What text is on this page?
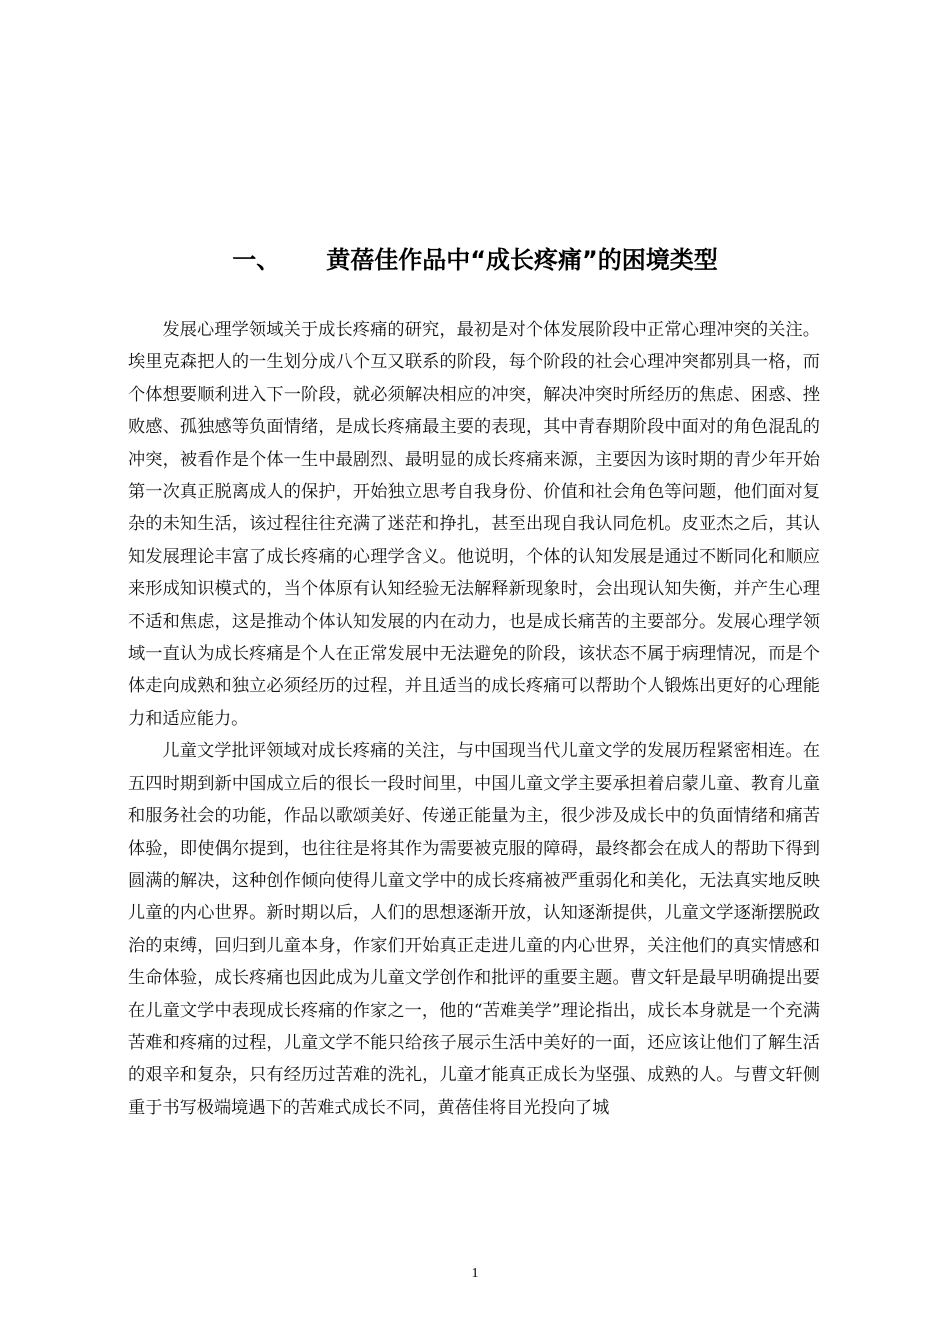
一、 黄蓓佳作品中“成长疼痛”的困境类型

发展心理学领域关于成长疼痛的研究，最初是对个体发展阶段中正常心理冲突的关注。埃里克森把人的一生划分成八个互又联系的阶段，每个阶段的社会心理冲突都别具一格，而个体想要顺利进入下一阶段，就必须解决相应的冲突，解决冲突时所经历的焦虑、困惑、挫败感、孤独感等负面情绪，是成长疼痛最主要的表现，其中青春期阶段中面对的角色混乱的冲突，被看作是个体一生中最剧烈、最明显的成长疼痛来源，主要因为该时期的青少年开始第一次真正脱离成人的保护，开始独立思考自我身份、价值和社会角色等问题，他们面对复杂的未知生活，该过程往往充满了迷茫和挣扎，甚至出现自我认同危机。皮亚杰之后，其认知发展理论丰富了成长疼痛的心理学含义。他说明，个体的认知发展是通过不断同化和顺应来形成知识模式的，当个体原有认知经验无法解释新现象时，会出现认知失衡，并产生心理不适和焦虑，这是推动个体认知发展的内在动力，也是成长痛苦的主要部分。发展心理学领域一直认为成长疼痛是个人在正常发展中无法避免的阶段，该状态不属于病理情况，而是个体走向成熟和独立必须经历的过程，并且适当的成长疼痛可以帮助个人锻炼出更好的心理能力和适应能力。

儿童文学批评领域对成长疼痛的关注，与中国现当代儿童文学的发展历程紧密相连。在五四时期到新中国成立后的很长一段时间里，中国儿童文学主要承担着启蒙儿童、教育儿童和服务社会的功能，作品以歌颂美好、传递正能量为主，很少涉及成长中的负面情绪和痛苦体验，即使偶尔提到，也往往是将其作为需要被克服的障碍，最终都会在成人的帮助下得到圆满的解决，这种创作倾向使得儿童文学中的成长疼痛被严重弱化和美化，无法真实地反映儿童的内心世界。新时期以后，人们的思想逐渐开放，认知逐渐提供，儿童文学逐渐摆脱政治的束缚，回归到儿童本身，作家们开始真正走进儿童的内心世界，关注他们的真实情感和生命体验，成长疼痛也因此成为儿童文学创作和批评的重要主题。曹文轩是最早明确提出要在儿童文学中表现成长疼痛的作家之一，他的“苦难美学”理论指出，成长本身就是一个充满苦难和疼痛的过程，儿童文学不能只给孩子展示生活中美好的一面，还应该让他们了解生活的艰辛和复杂，只有经历过苦难的洗礼，儿童才能真正成长为坚强、成熟的人。与曹文轩侧重于书写极端境遇下的苦难式成长不同，黄蓓佳将目光投向了城

1
